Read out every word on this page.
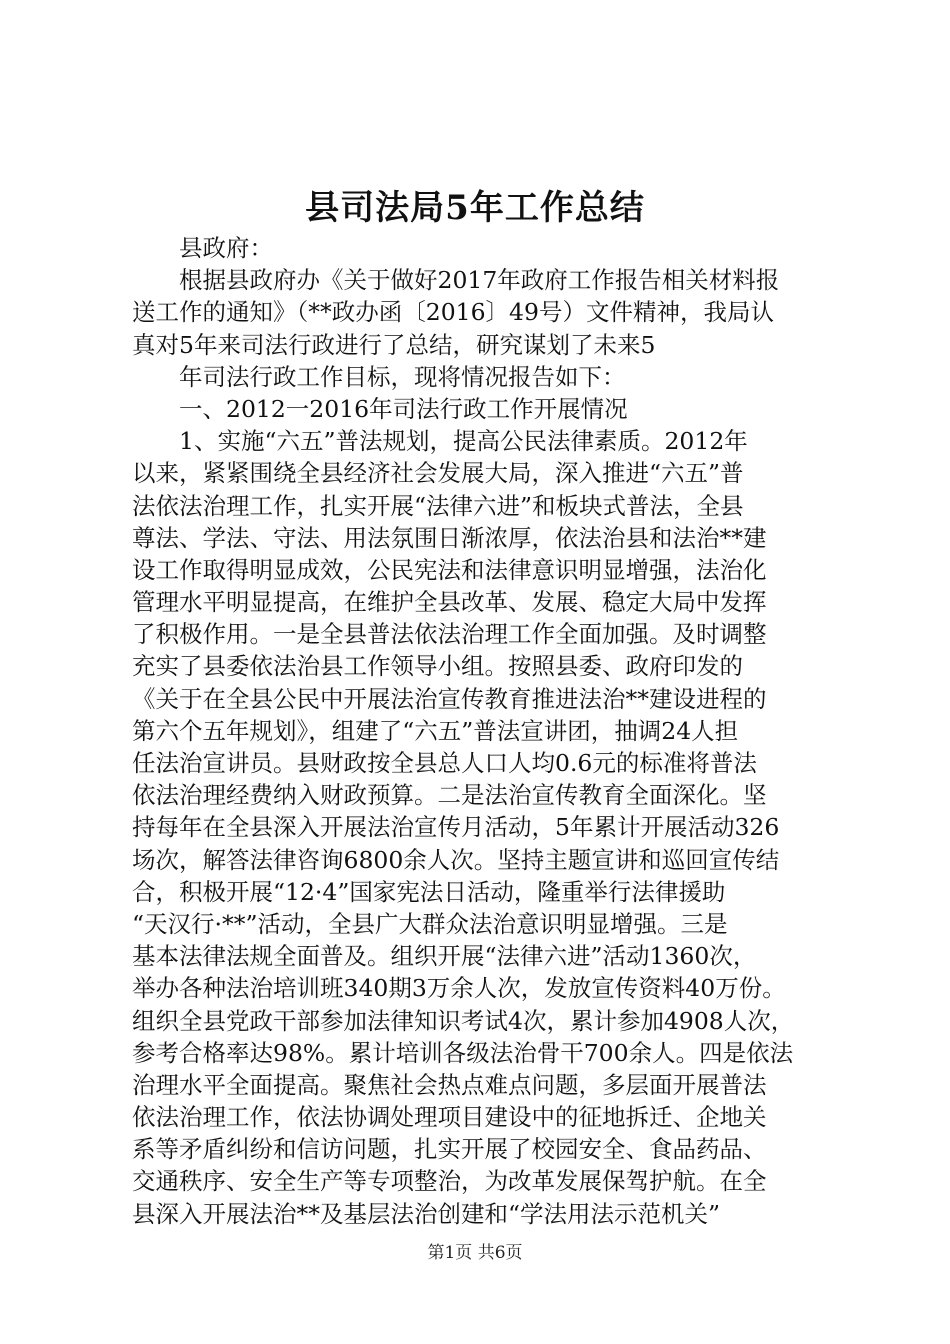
县司法局5年工作总结
县政府：
根据县政府办《关于做好2017年政府工作报告相关材料报
送工作的通知》（**政办函〔2016〕49号）文件精神，我局认
真对5年来司法行政进行了总结，研究谋划了未来5
年司法行政工作目标，现将情况报告如下：
一、2012一2016年司法行政工作开展情况
1、实施“六五”普法规划，提高公民法律素质。2012年
以来，紧紧围绕全县经济社会发展大局，深入推进“六五”普
法依法治理工作，扎实开展“法律六进”和板块式普法，全县
尊法、学法、守法、用法氛围日渐浓厚，依法治县和法治**建
设工作取得明显成效，公民宪法和法律意识明显增强，法治化
管理水平明显提高，在维护全县改革、发展、稳定大局中发挥
了积极作用。一是全县普法依法治理工作全面加强。及时调整
充实了县委依法治县工作领导小组。按照县委、政府印发的
《关于在全县公民中开展法治宣传教育推进法治**建设进程的
第六个五年规划》，组建了“六五”普法宣讲团，抽调24人担
任法治宣讲员。县财政按全县总人口人均0.6元的标准将普法
依法治理经费纳入财政预算。二是法治宣传教育全面深化。坚
持每年在全县深入开展法治宣传月活动，5年累计开展活动326
场次，解答法律咨询6800余人次。坚持主题宣讲和巡回宣传结
合，积极开展“12·4”国家宪法日活动，隆重举行法律援助
“天汉行·**”活动，全县广大群众法治意识明显增强。三是
基本法律法规全面普及。组织开展“法律六进”活动1360次，
举办各种法治培训班340期3万余人次，发放宣传资料40万份。
组织全县党政干部参加法律知识考试4次，累计参加4908人次，
参考合格率达98%。累计培训各级法治骨干700余人。四是依法
治理水平全面提高。聚焦社会热点难点问题，多层面开展普法
依法治理工作，依法协调处理项目建设中的征地拆迁、企地关
系等矛盾纠纷和信访问题，扎实开展了校园安全、食品药品、
交通秩序、安全生产等专项整治，为改革发展保驾护航。在全
县深入开展法治**及基层法治创建和“学法用法示范机关”
第1页 共6页
